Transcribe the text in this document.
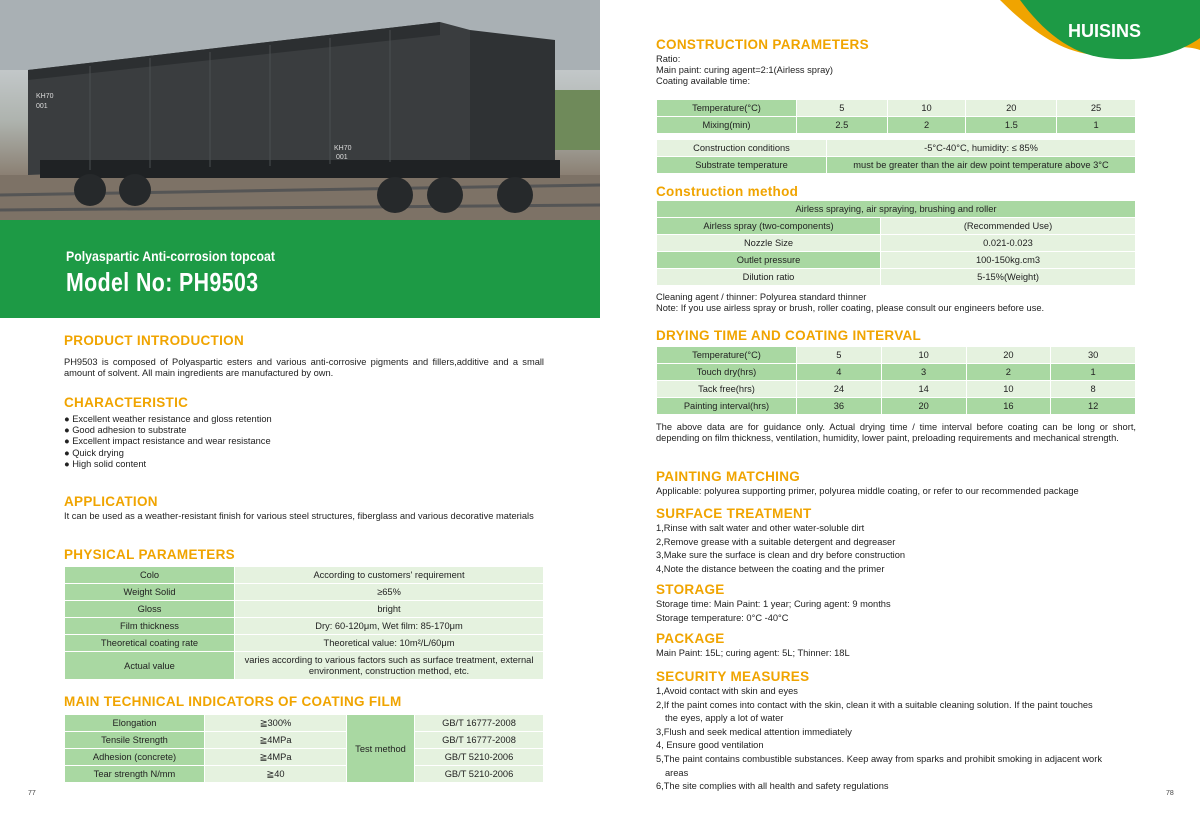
KH70
001
KH70
001
Polyaspartic Anti-corrosion topcoat
Model No: PH9503
PRODUCT INTRODUCTION
PH9503 is composed of Polyaspartic esters and various anti-corrosive pigments and fillers,additive and a small amount of solvent. All main ingredients are manufactured by own.
CHARACTERISTIC
● Excellent weather resistance and gloss retention
● Good adhesion to substrate
● Excellent impact resistance and wear resistance
● Quick drying
● High solid content
APPLICATION
It can be used as a weather-resistant finish for various steel structures, fiberglass and various decorative materials
PHYSICAL PARAMETERS
Colo	According to customers' requirement
Weight Solid	≥65%
Gloss	bright
Film thickness	Dry: 60-120μm, Wet film: 85-170μm
Theoretical coating rate	Theoretical value: 10m²/L/60μm
Actual value	varies according to various factors such as surface treatment, external environment, construction method, etc.
MAIN TECHNICAL INDICATORS OF COATING FILM
Elongation	≧300%	Test method	GB/T 16777-2008
Tensile Strength	≧4MPa		GB/T 16777-2008
Adhesion (concrete)	≧4MPa		GB/T 5210-2006
Tear strength N/mm	≧40		GB/T 5210-2006
77
HUISINS
CONSTRUCTION PARAMETERS
Ratio:
Main paint: curing agent=2:1(Airless spray)
Coating available time:
Temperature(°C)	5	10	20	25
Mixing(min)	2.5	2	1.5	1
Construction conditions	-5°C-40°C, humidity: ≤ 85%
Substrate temperature	must be greater than the air dew point temperature above 3°C
Construction method
Airless spraying, air spraying, brushing and roller	
Airless spray (two-components)	(Recommended Use)
Nozzle Size	0.021-0.023
Outlet pressure	100-150kg.cm3
Dilution ratio	5-15%(Weight)
Cleaning agent / thinner: Polyurea standard thinner
Note: If you use airless spray or brush, roller coating, please consult our engineers before use.
DRYING TIME AND COATING INTERVAL
Temperature(°C)	5	10	20	30
Touch dry(hrs)	4	3	2	1
Tack free(hrs)	24	14	10	8
Painting interval(hrs)	36	20	16	12
The above data are for guidance only. Actual drying time / time interval before coating can be long or short, depending on film thickness, ventilation, humidity, lower paint, preloading requirements and mechanical strength.
PAINTING MATCHING
Applicable: polyurea supporting primer, polyurea middle coating, or refer to our recommended package
SURFACE TREATMENT
1,Rinse with salt water and other water-soluble dirt
2,Remove grease with a suitable detergent and degreaser
3,Make sure the surface is clean and dry before construction
4,Note the distance between the coating and the primer
STORAGE
Storage time: Main Paint: 1 year; Curing agent: 9 months
Storage temperature: 0°C -40°C
PACKAGE
Main Paint: 15L; curing agent: 5L; Thinner: 18L
SECURITY MEASURES
1,Avoid contact with skin and eyes
2,If the paint comes into contact with the skin, clean it with a suitable cleaning solution. If the paint touches
the eyes, apply a lot of water
3,Flush and seek medical attention immediately
4, Ensure good ventilation
5,The paint contains combustible substances. Keep away from sparks and prohibit smoking in adjacent work
areas
6,The site complies with all health and safety regulations
78
